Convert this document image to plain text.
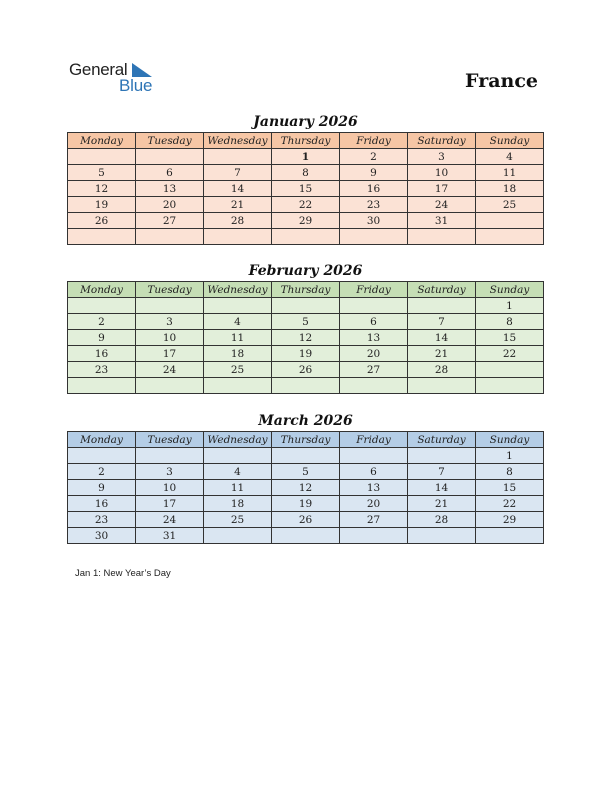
General
Blue	France
January 2026
Monday	Tuesday	Wednesday	Thursday	Friday	Saturday	Sunday
			1	2	3	4
5	6	7	8	9	10	11
12	13	14	15	16	17	18
19	20	21	22	23	24	25
26	27	28	29	30	31	

February 2026
Monday	Tuesday	Wednesday	Thursday	Friday	Saturday	Sunday
						1
2	3	4	5	6	7	8
9	10	11	12	13	14	15
16	17	18	19	20	21	22
23	24	25	26	27	28	

March 2026
Monday	Tuesday	Wednesday	Thursday	Friday	Saturday	Sunday
						1
2	3	4	5	6	7	8
9	10	11	12	13	14	15
16	17	18	19	20	21	22
23	24	25	26	27	28	29
30	31					
Jan 1: New Year’s Day
